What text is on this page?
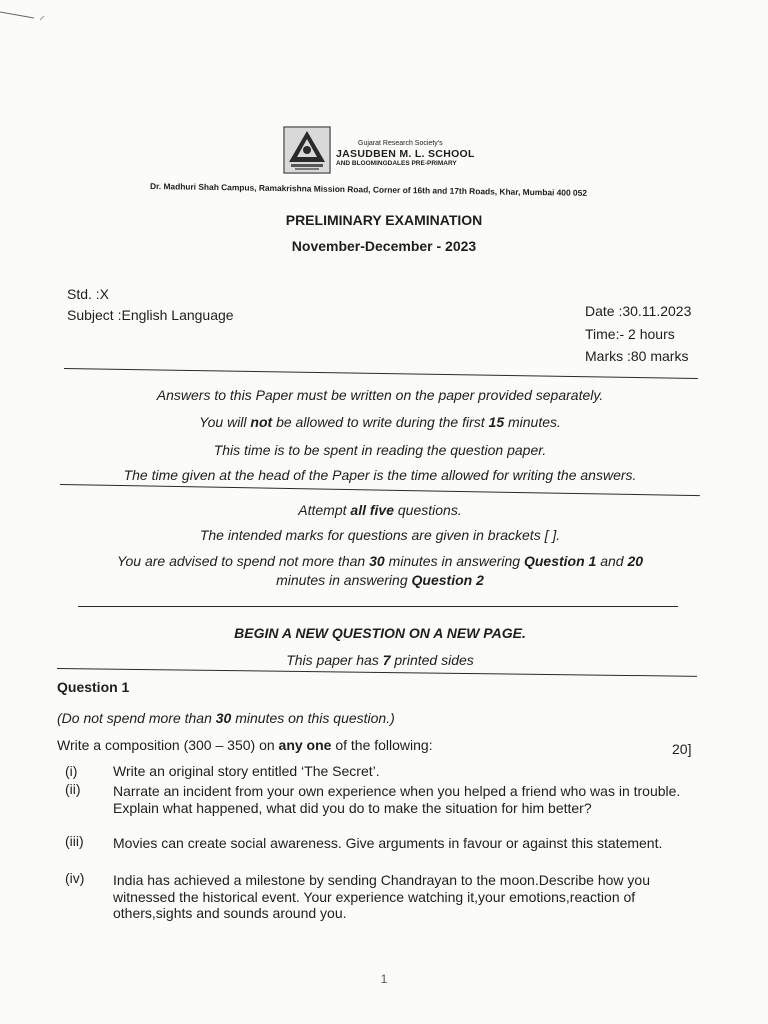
Gujarat Research Society's
JASUDBEN M. L. SCHOOL
AND BLOOMINGDALES PRE-PRIMARY
Dr. Madhuri Shah Campus, Ramakrishna Mission Road, Corner of 16th and 17th Roads, Khar, Mumbai 400 052
PRELIMINARY EXAMINATION
November-December - 2023
Std. :X
Subject :English Language	Date :30.11.2023
Time:- 2 hours
Marks :80 marks
Answers to this Paper must be written on the paper provided separately.
You will not be allowed to write during the first 15 minutes.
This time is to be spent in reading the question paper.
The time given at the head of the Paper is the time allowed for writing the answers.
Attempt all five questions.
The intended marks for questions are given in brackets [ ].
You are advised to spend not more than 30 minutes in answering Question 1 and 20
minutes in answering Question 2
BEGIN A NEW QUESTION ON A NEW PAGE.
This paper has 7 printed sides
Question 1
(Do not spend more than 30 minutes on this question.)
Write a composition (300 – 350) on any one of the following:	20]
(i)	Write an original story entitled ‘The Secret’.
(ii) Narrate an incident from your own experience when you helped a friend who was in trouble. Explain what happened, what did you do to make the situation for him better?
(iii) Movies can create social awareness. Give arguments in favour or against this statement.
(iv) India has achieved a milestone by sending Chandrayan to the moon.Describe how you witnessed the historical event. Your experience watching it,your emotions,reaction of others,sights and sounds around you.
1
